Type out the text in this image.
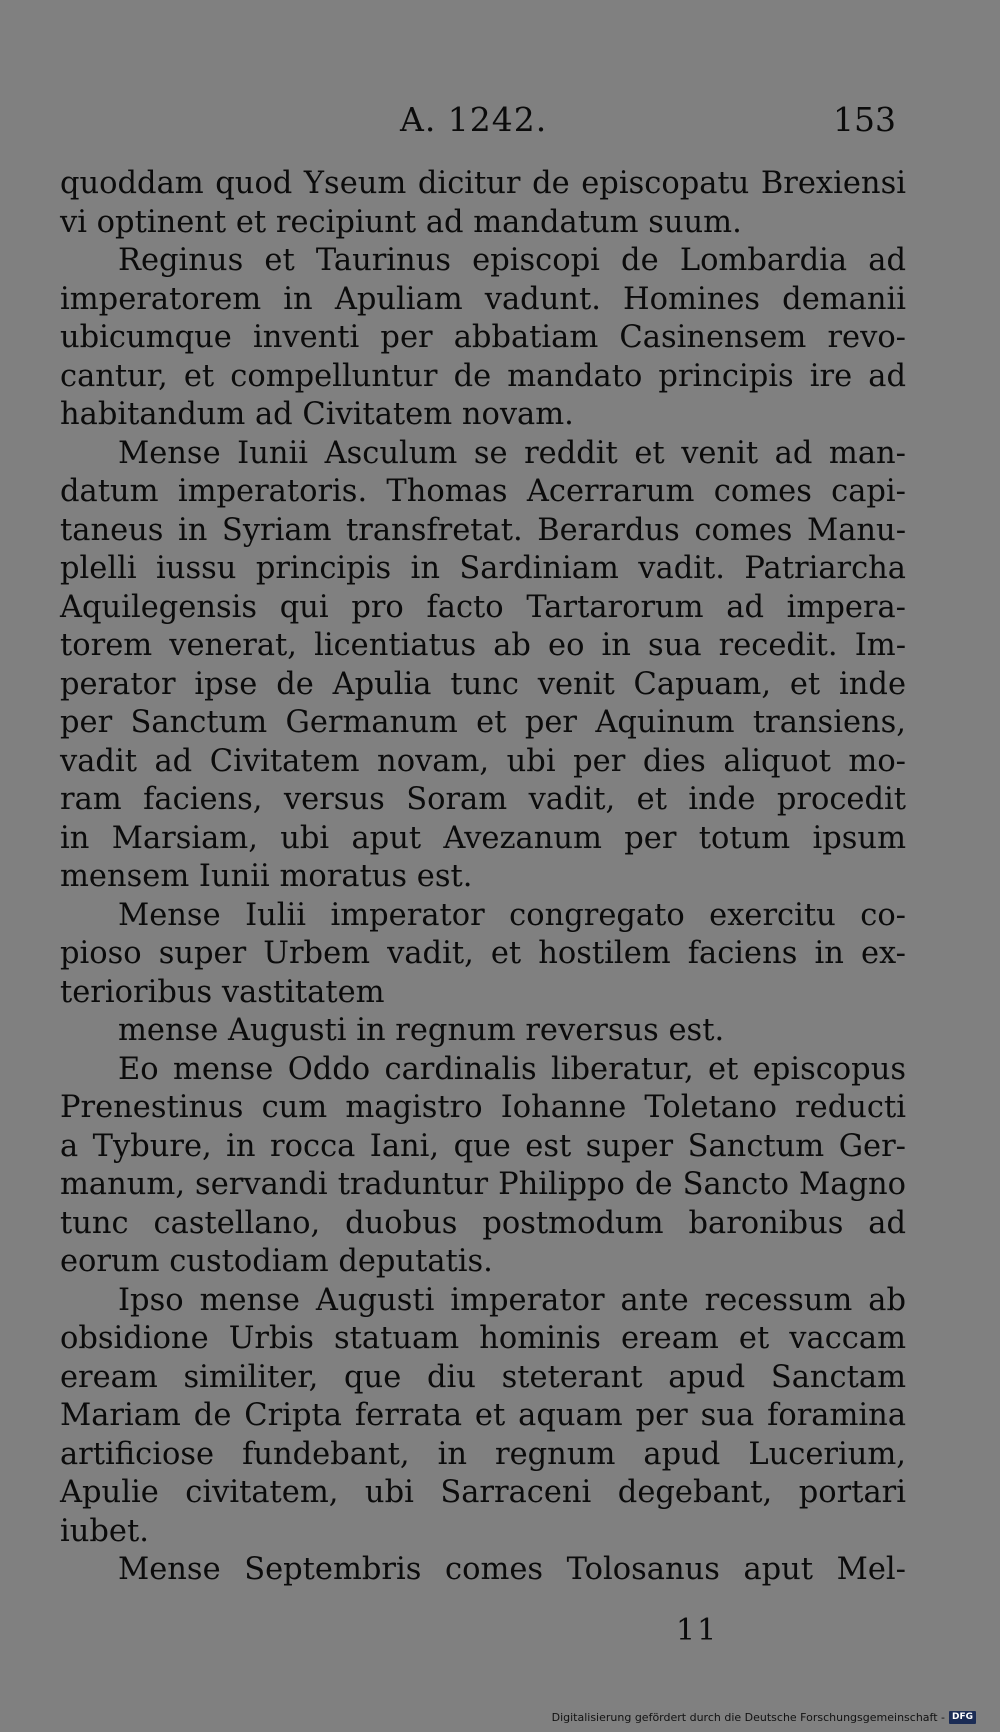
A. 1242.	153
quoddam quod Yseum dicitur de episcopatu Brexiensi
vi optinent et recipiunt ad mandatum suum.
Reginus et Taurinus episcopi de Lombardia ad
imperatorem in Apuliam vadunt. Homines demanii
ubicumque inventi per abbatiam Casinensem revo-
cantur, et compelluntur de mandato principis ire ad
habitandum ad Civitatem novam.
Mense Iunii Asculum se reddit et venit ad man-
datum imperatoris. Thomas Acerrarum comes capi-
taneus in Syriam transfretat. Berardus comes Manu-
plelli iussu principis in Sardiniam vadit. Patriarcha
Aquilegensis qui pro facto Tartarorum ad impera-
torem venerat, licentiatus ab eo in sua recedit. Im-
perator ipse de Apulia tunc venit Capuam, et inde
per Sanctum Germanum et per Aquinum transiens,
vadit ad Civitatem novam, ubi per dies aliquot mo-
ram faciens, versus Soram vadit, et inde procedit
in Marsiam, ubi aput Avezanum per totum ipsum
mensem Iunii moratus est.
Mense Iulii imperator congregato exercitu co-
pioso super Urbem vadit, et hostilem faciens in ex-
terioribus vastitatem
mense Augusti in regnum reversus est.
Eo mense Oddo cardinalis liberatur, et episcopus
Prenestinus cum magistro Iohanne Toletano reducti
a Tybure, in rocca Iani, que est super Sanctum Ger-
manum, servandi traduntur Philippo de Sancto Magno
tunc castellano, duobus postmodum baronibus ad
eorum custodiam deputatis.
Ipso mense Augusti imperator ante recessum ab
obsidione Urbis statuam hominis eream et vaccam
eream similiter, que diu steterant apud Sanctam
Mariam de Cripta ferrata et aquam per sua foramina
artificiose fundebant, in regnum apud Lucerium,
Apulie civitatem, ubi Sarraceni degebant, portari
iubet.
Mense Septembris comes Tolosanus aput Mel-
11
Digitalisierung gefördert durch die Deutsche Forschungsgemeinschaft - DFG
